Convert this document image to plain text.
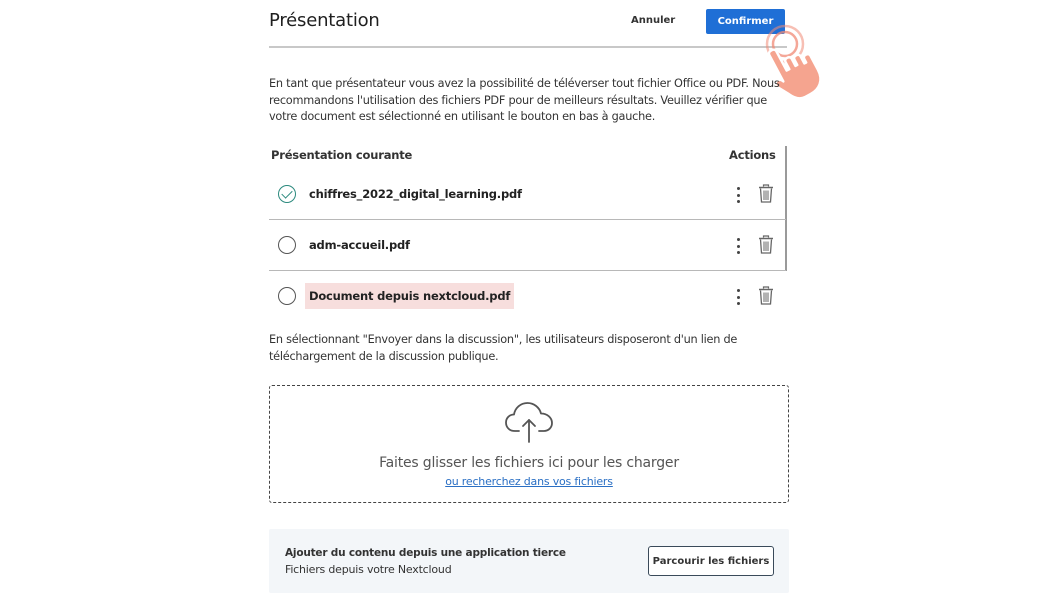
Présentation	Annuler	Confirmer

En tant que présentateur vous avez la possibilité de téléverser tout fichier Office ou PDF. Nous recommandons l'utilisation des fichiers PDF pour de meilleurs résultats. Veuillez vérifier que votre document est sélectionné en utilisant le bouton en bas à gauche.

Présentation courante	Actions
chiffres_2022_digital_learning.pdf
adm-accueil.pdf
Document depuis nextcloud.pdf

En sélectionnant "Envoyer dans la discussion", les utilisateurs disposeront d'un lien de téléchargement de la discussion publique.

Faites glisser les fichiers ici pour les charger
ou recherchez dans vos fichiers
Ajouter du contenu depuis une application tierce
Fichiers depuis votre Nextcloud
Parcourir les fichiers
